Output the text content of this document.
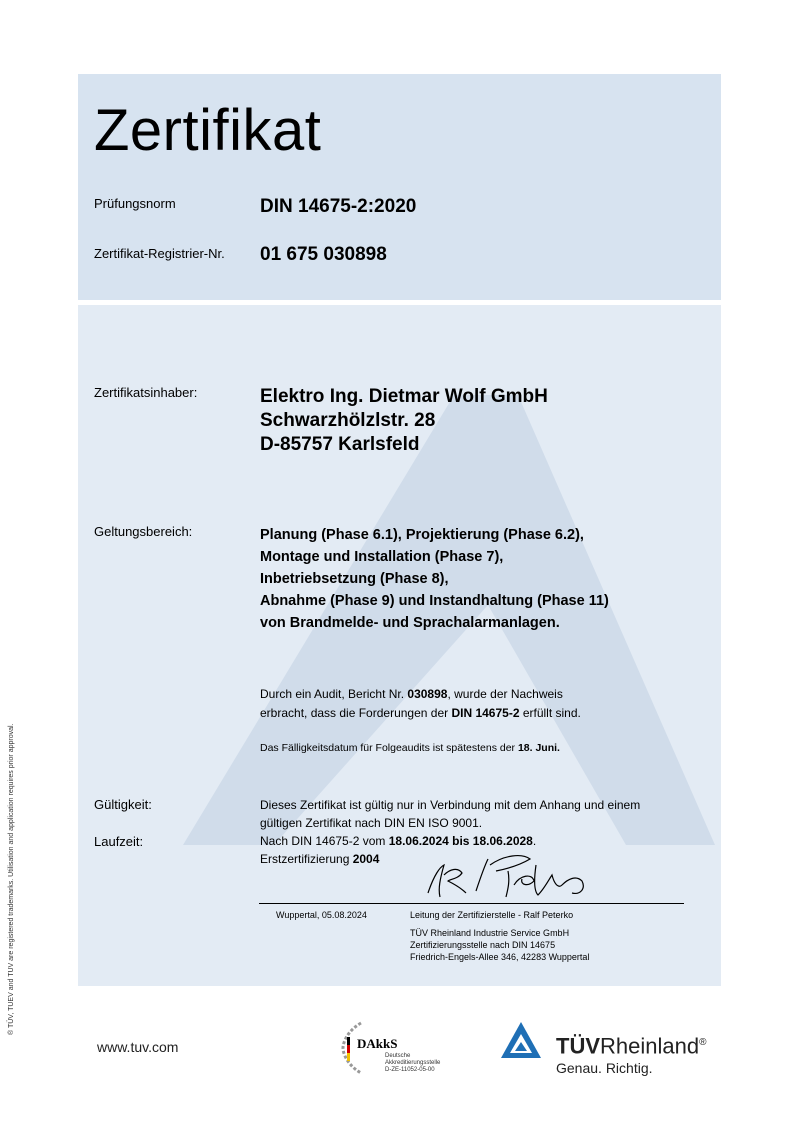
Zertifikat
Prüfungsnorm	DIN 14675-2:2020
Zertifikat-Registrier-Nr. 01 675 030898
Zertifikatsinhaber:	Elektro Ing. Dietmar Wolf GmbH
Schwarzhölzlstr. 28
D-85757 Karlsfeld
Geltungsbereich:	Planung (Phase 6.1), Projektierung (Phase 6.2),
Montage und Installation (Phase 7),
Inbetriebsetzung (Phase 8),
Abnahme (Phase 9) und Instandhaltung (Phase 11)
von Brandmelde- und Sprachalarmanlagen.
Durch ein Audit, Bericht Nr. 030898, wurde der Nachweis
erbracht, dass die Forderungen der DIN 14675-2 erfüllt sind.
Das Fälligkeitsdatum für Folgeaudits ist spätestens der 18. Juni.
Gültigkeit:	Dieses Zertifikat ist gültig nur in Verbindung mit dem Anhang und einem
gültigen Zertifikat nach DIN EN ISO 9001.
Laufzeit:	Nach DIN 14675-2 vom 18.06.2024 bis 18.06.2028.
Erstzertifizierung 2004
Wuppertal, 05.08.2024	Leitung der Zertifizierstelle - Ralf Peterko
TÜV Rheinland Industrie Service GmbH
Zertifizierungsstelle nach DIN 14675
Friedrich-Engels-Allee 346, 42283 Wuppertal
® TÜV, TUEV and TUV are registered trademarks. Utilisation and application requires prior approval.
www.tuv.com	DAkkS
Deutsche
Akkreditierungsstelle
D-ZE-11052-05-00
TÜVRheinland®
Genau. Richtig.
